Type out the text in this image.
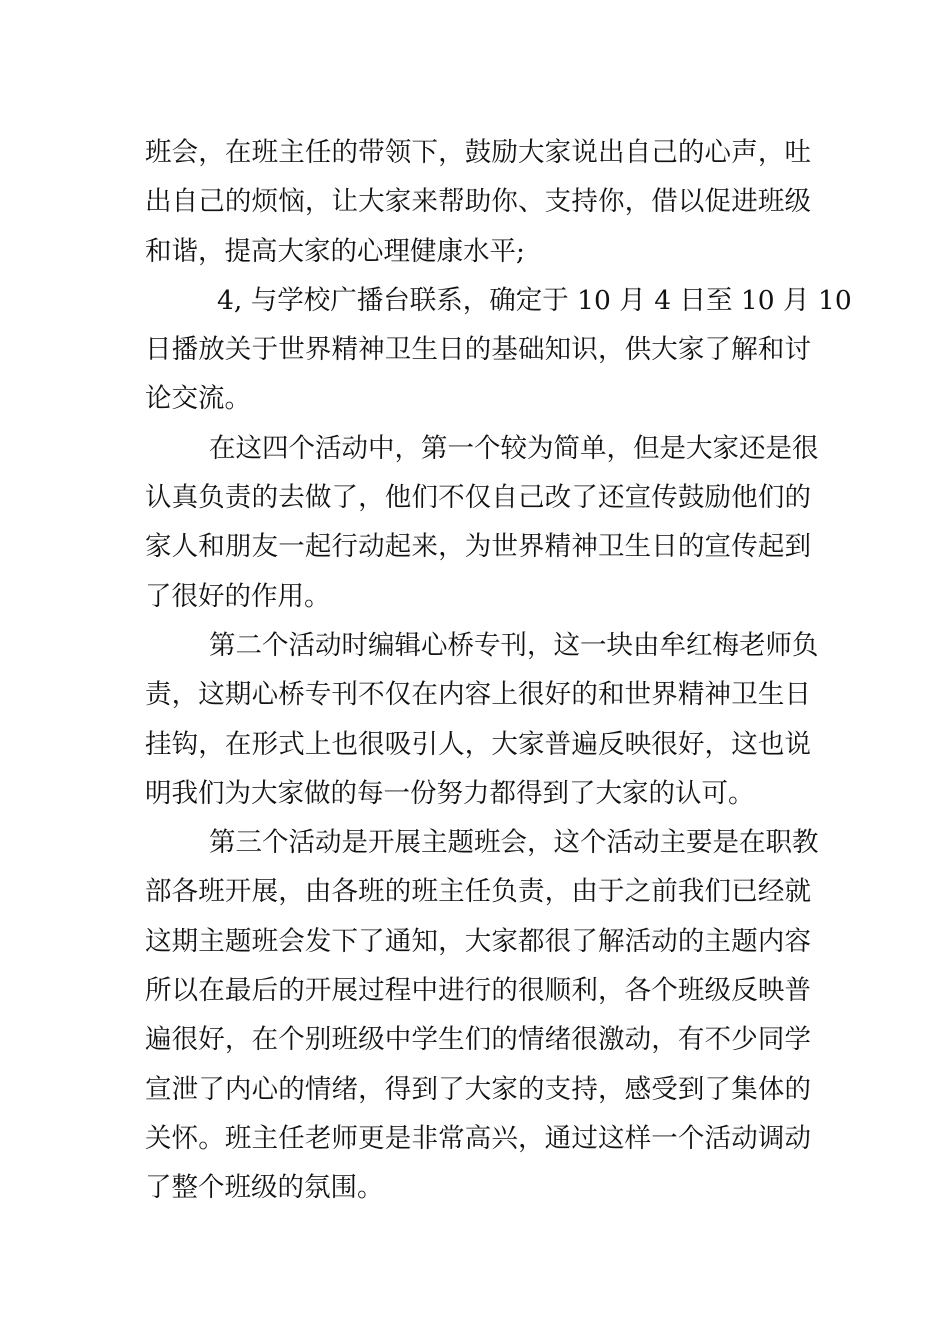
班会，在班主任的带领下，鼓励大家说出自己的心声，吐
出自己的烦恼，让大家来帮助你、支持你，借以促进班级
和谐，提高大家的心理健康水平;
4, 与学校广播台联系，确定于 10 月 4 日至 10 月 10
日播放关于世界精神卫生日的基础知识，供大家了解和讨
论交流。
在这四个活动中，第一个较为简单，但是大家还是很
认真负责的去做了，他们不仅自己改了还宣传鼓励他们的
家人和朋友一起行动起来，为世界精神卫生日的宣传起到
了很好的作用。
第二个活动时编辑心桥专刊，这一块由牟红梅老师负
责，这期心桥专刊不仅在内容上很好的和世界精神卫生日
挂钩，在形式上也很吸引人，大家普遍反映很好，这也说
明我们为大家做的每一份努力都得到了大家的认可。
第三个活动是开展主题班会，这个活动主要是在职教
部各班开展，由各班的班主任负责，由于之前我们已经就
这期主题班会发下了通知，大家都很了解活动的主题内容
所以在最后的开展过程中进行的很顺利，各个班级反映普
遍很好，在个别班级中学生们的情绪很激动，有不少同学
宣泄了内心的情绪，得到了大家的支持，感受到了集体的
关怀。班主任老师更是非常高兴，通过这样一个活动调动
了整个班级的氛围。
